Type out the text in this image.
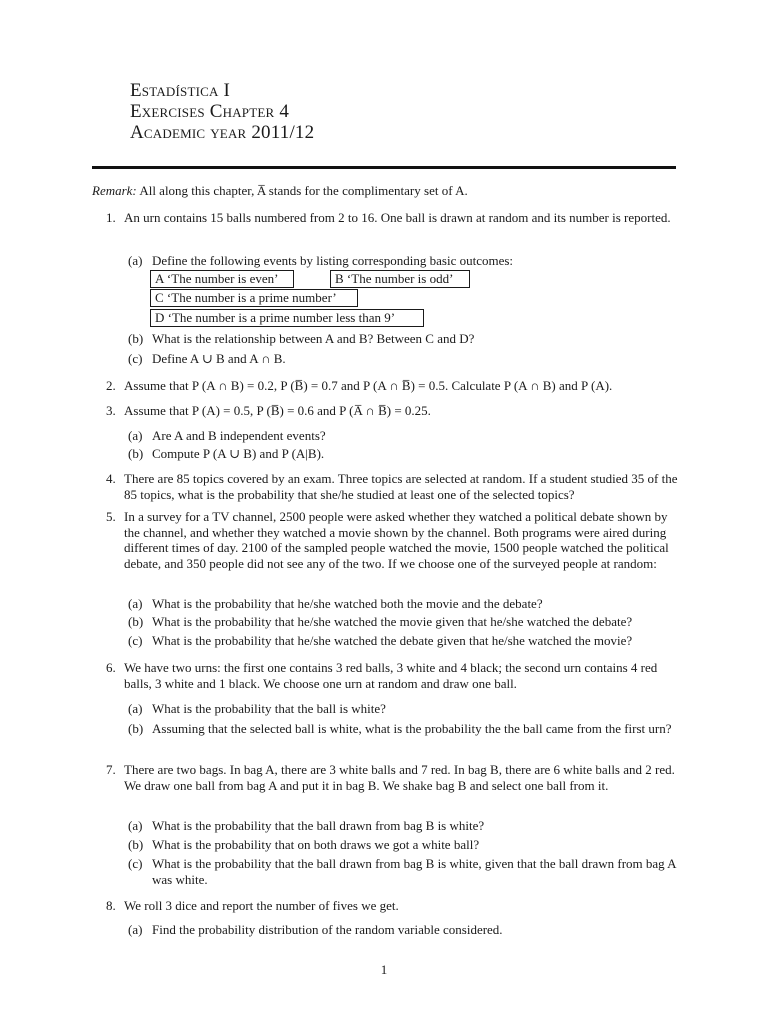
Estadística I
Exercises Chapter 4
Academic year 2011/12
Remark: All along this chapter, A̅ stands for the complimentary set of A.
1. An urn contains 15 balls numbered from 2 to 16. One ball is drawn at random and its number is reported.
(a) Define the following events by listing corresponding basic outcomes:
A ‘The number is even’	B ‘The number is odd’
C ‘The number is a prime number’
D ‘The number is a prime number less than 9’
(b) What is the relationship between A and B? Between C and D?
(c) Define A ∪ B and A ∩ B.
2. Assume that P (A ∩ B) = 0.2, P (B̅) = 0.7 and P (A ∩ B̅) = 0.5. Calculate P (A ∩ B) and P (A).
3. Assume that P (A) = 0.5, P (B̅) = 0.6 and P (A̅ ∩ B̅) = 0.25.
(a) Are A and B independent events?
(b) Compute P (A ∪ B) and P (A|B).
4. There are 85 topics covered by an exam. Three topics are selected at random. If a student studied 35 of the 85 topics, what is the probability that she/he studied at least one of the selected topics?
5. In a survey for a TV channel, 2500 people were asked whether they watched a political debate shown by the channel, and whether they watched a movie shown by the channel. Both programs were aired during different times of day. 2100 of the sampled people watched the movie, 1500 people watched the political debate, and 350 people did not see any of the two. If we choose one of the surveyed people at random:
(a) What is the probability that he/she watched both the movie and the debate?
(b) What is the probability that he/she watched the movie given that he/she watched the debate?
(c) What is the probability that he/she watched the debate given that he/she watched the movie?
6. We have two urns: the first one contains 3 red balls, 3 white and 4 black; the second urn contains 4 red balls, 3 white and 1 black. We choose one urn at random and draw one ball.
(a) What is the probability that the ball is white?
(b) Assuming that the selected ball is white, what is the probability the the ball came from the first urn?
7. There are two bags. In bag A, there are 3 white balls and 7 red. In bag B, there are 6 white balls and 2 red. We draw one ball from bag A and put it in bag B. We shake bag B and select one ball from it.
(a) What is the probability that the ball drawn from bag B is white?
(b) What is the probability that on both draws we got a white ball?
(c) What is the probability that the ball drawn from bag B is white, given that the ball drawn from bag A was white.
8. We roll 3 dice and report the number of fives we get.
(a) Find the probability distribution of the random variable considered.
1
